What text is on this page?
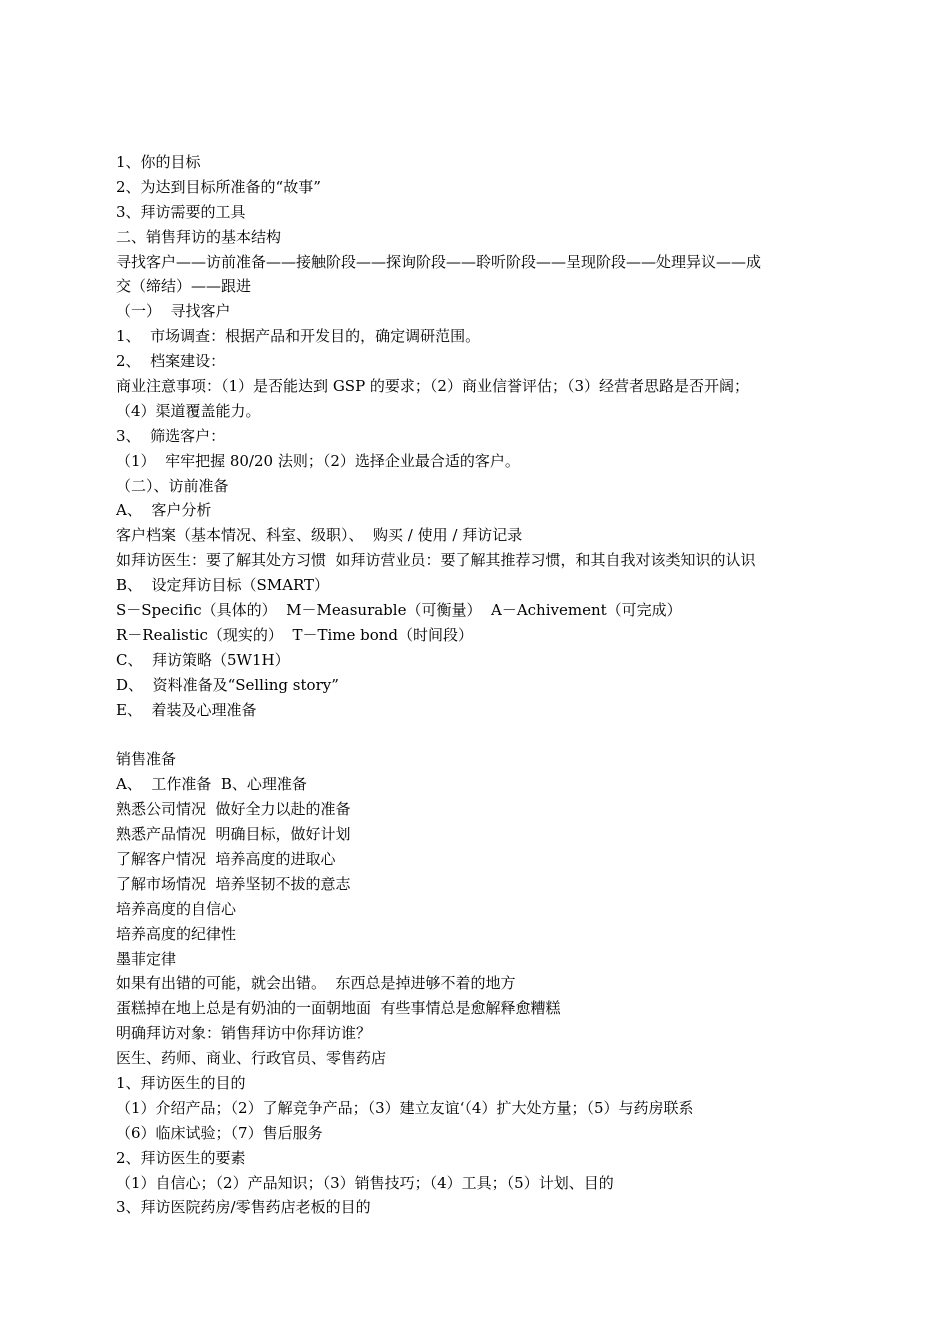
1、你的目标

2、为达到目标所准备的“故事”

3、拜访需要的工具

二、销售拜访的基本结构

寻找客户——访前准备——接触阶段——探询阶段——聆听阶段——呈现阶段——处理异议——成

交（缔结）——跟进

（一）  寻找客户

1、  市场调查：根据产品和开发目的，确定调研范围。

2、  档案建设：

商业注意事项：（1）是否能达到 GSP 的要求；（2）商业信誉评估；（3）经营者思路是否开阔；

（4）渠道覆盖能力。

3、  筛选客户：

（1）  牢牢把握 80/20 法则；（2）选择企业最合适的客户。

（二）、访前准备

A、  客户分析

客户档案（基本情况、科室、级职）、  购买 / 使用 / 拜访记录

如拜访医生：要了解其处方习惯  如拜访营业员：要了解其推荐习惯，和其自我对该类知识的认识

B、  设定拜访目标（SMART）

S－Specific（具体的）  M－Measurable（可衡量）  A－Achivement（可完成）

R－Realistic（现实的）  T－Time bond（时间段）

C、  拜访策略（5W1H）

D、  资料准备及“Selling story”

E、  着装及心理准备

销售准备

A、  工作准备  B、心理准备

熟悉公司情况  做好全力以赴的准备

熟悉产品情况  明确目标，做好计划

了解客户情况  培养高度的进取心

了解市场情况  培养坚韧不拔的意志

培养高度的自信心

培养高度的纪律性

墨菲定律

如果有出错的可能，就会出错。  东西总是掉进够不着的地方

蛋糕掉在地上总是有奶油的一面朝地面  有些事情总是愈解释愈糟糕

明确拜访对象：销售拜访中你拜访谁？

医生、药师、商业、行政官员、零售药店

1、拜访医生的目的

（1）介绍产品；（2）了解竞争产品；（3）建立友谊‘（4）扩大处方量；（5）与药房联系

（6）临床试验；（7）售后服务

2、拜访医生的要素

（1）自信心；（2）产品知识；（3）销售技巧；（4）工具；（5）计划、目的

3、拜访医院药房/零售药店老板的目的
